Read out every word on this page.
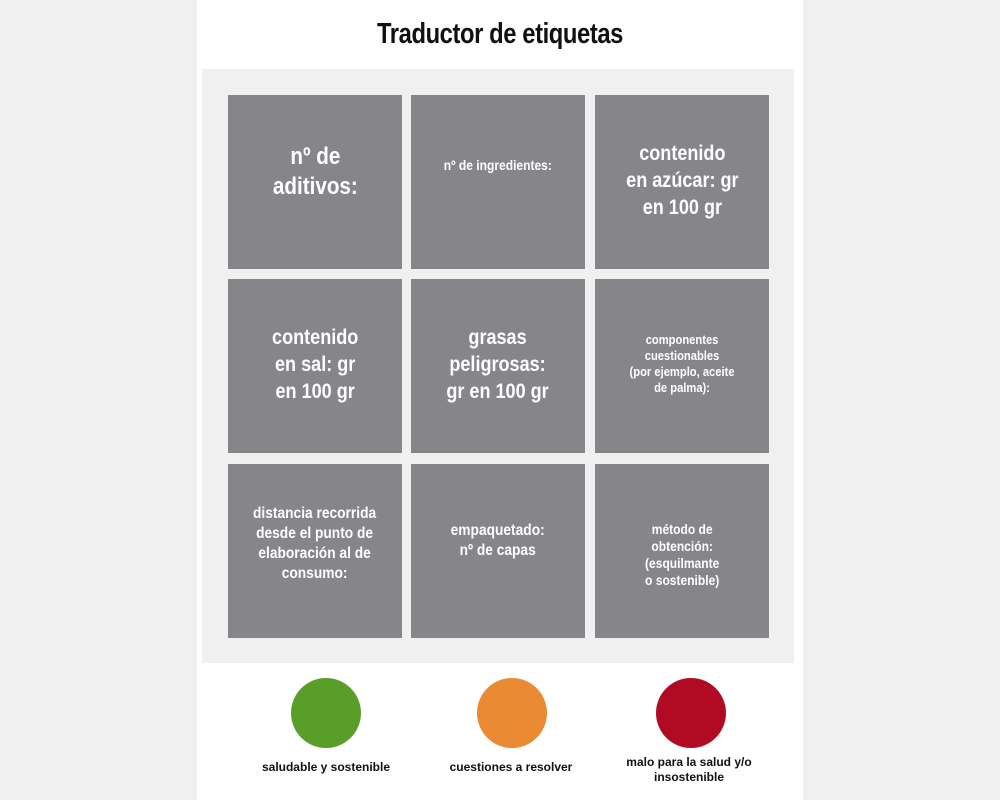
Traductor de etiquetas
nº de
aditivos:
nº de ingredientes:	contenido
en azúcar: gr
en 100 gr
contenido
en sal: gr
en 100 gr
grasas
peligrosas:
gr en 100 gr
componentes
cuestionables
(por ejemplo, aceite
de palma):
distancia recorrida
desde el punto de
elaboración al de
consumo:
empaquetado:
nº de capas
método de
obtención:
(esquilmante
o sostenible)
saludable y sostenible	cuestiones a resolver	malo para la salud y/o
insostenible
